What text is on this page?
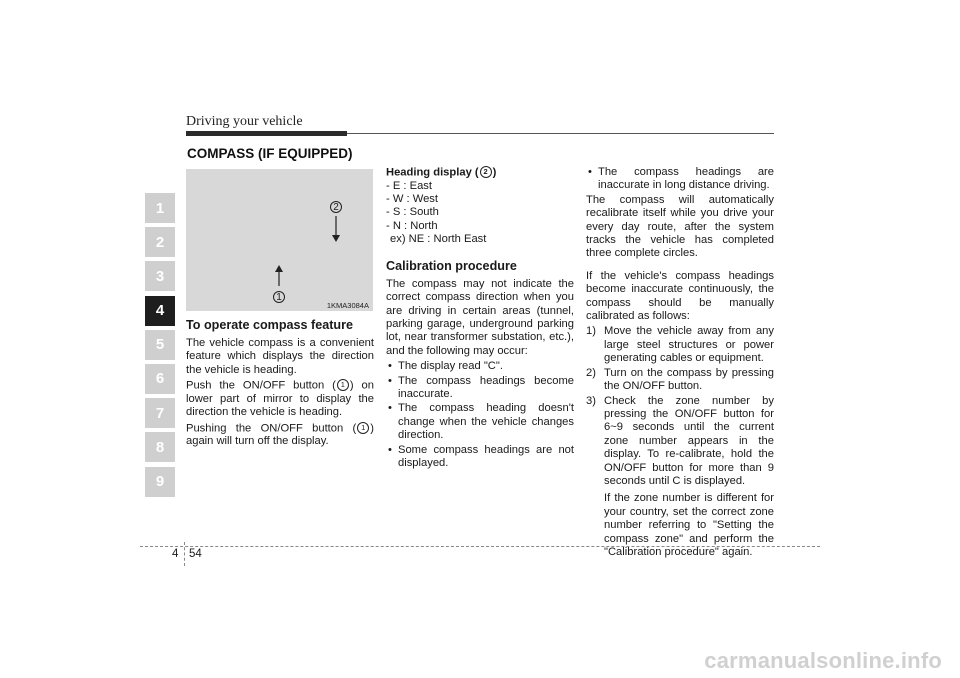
Driving your vehicle
COMPASS (IF EQUIPPED)
1
2
3
4
5
6
7
8
9
2
1
1KMA3084A
To operate compass feature

The vehicle compass is a convenient feature which displays the direction the vehicle is heading.

Push the ON/OFF button ( 1 ) on lower part of mirror to display the direction the vehicle is heading.

Pushing the ON/OFF button ( 1 ) again will turn off the display.

Heading display ( 2 )
- E : East
- W : West
- S : South
- N : North
ex) NE : North East
Calibration procedure

The compass may not indicate the correct compass direction when you are driving in certain areas (tunnel, parking garage, underground parking lot, near transformer substation, etc.), and the following may occur:

• The display read "C".
• The compass headings become inaccurate.
• The compass heading doesn't change when the vehicle changes direction.
• Some compass headings are not displayed.
• The compass headings are inaccurate in long distance driving.

The compass will automatically recalibrate itself while you drive your every day route, after the system tracks the vehicle has completed three complete circles.

If the vehicle's compass headings become inaccurate continuously, the compass should be manually calibrated as follows:

1) Move the vehicle away from any large steel structures or power generating cables or equipment.
2) Turn on the compass by pressing the ON/OFF button.
3) Check the zone number by pressing the ON/OFF button for 6~9 seconds until the current zone number appears in the display. To re-calibrate, hold the ON/OFF button for more than 9 seconds until C is displayed.

If the zone number is different for your country, set the correct zone number referring to "Setting the compass zone" and perform the "Calibration procedure" again.

4 54
carmanualsonline.info
